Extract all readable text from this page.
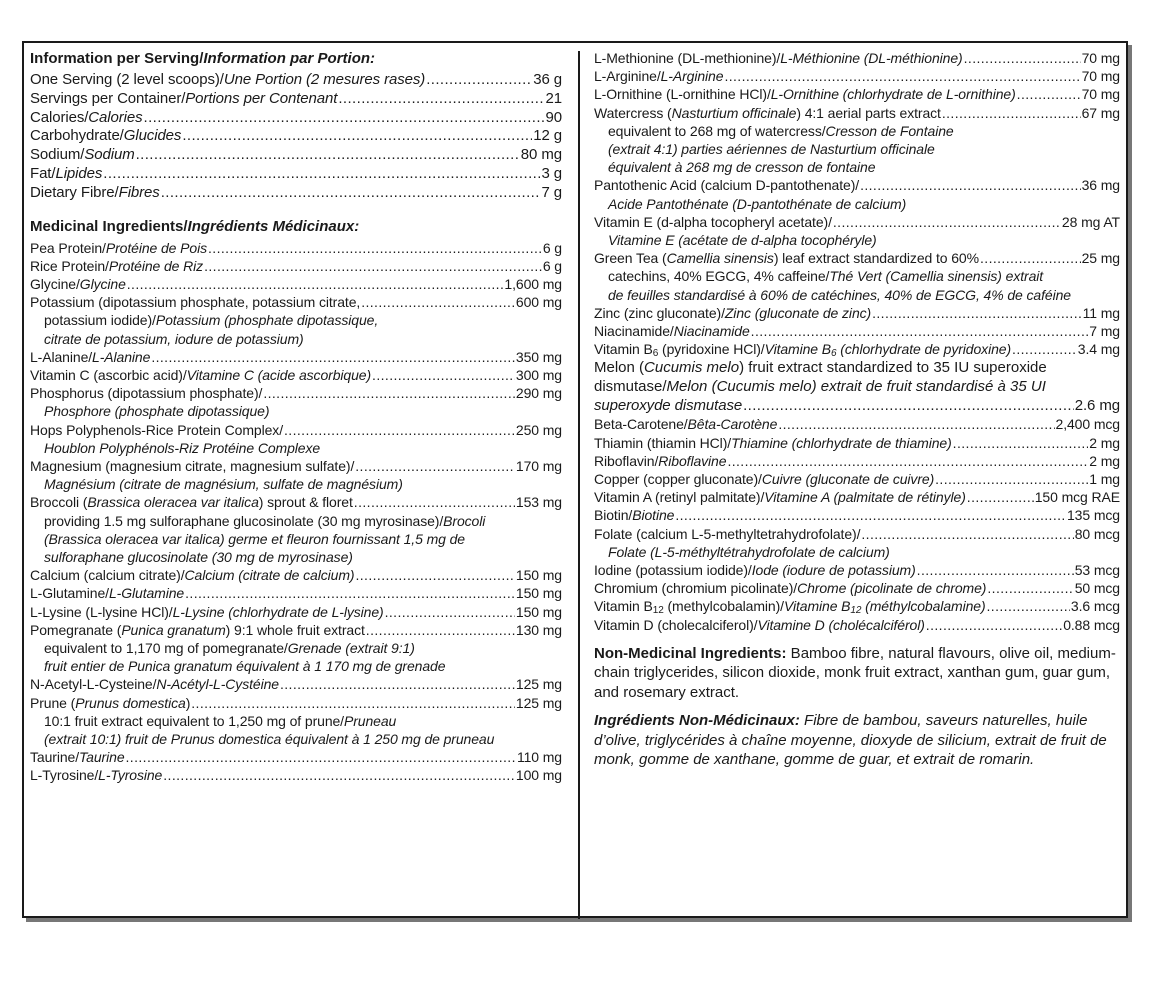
Information per Serving/Information par Portion:
One Serving (2 level scoops)/Une Portion (2 mesures rases) .....	36 g
Servings per Container/Portions per Contenant .....	21
Calories/Calories .....	90
Carbohydrate/Glucides .....	12 g
Sodium/Sodium .....	80 mg
Fat/Lipides .....	3 g
Dietary Fibre/Fibres .....	7 g
Medicinal Ingredients/Ingrédients Médicinaux:
Pea Protein/Protéine de Pois .....	6 g
Rice Protein/Protéine de Riz .....	6 g
Glycine/Glycine .....	1,600 mg
Potassium (dipotassium phosphate, potassium citrate, .....	600 mg
potassium iodide)/Potassium (phosphate dipotassique,
citrate de potassium, iodure de potassium)
L-Alanine/L-Alanine .....	350 mg
Vitamin C (ascorbic acid)/Vitamine C (acide ascorbique) .....	300 mg
Phosphorus (dipotassium phosphate)/ .....	290 mg
Phosphore (phosphate dipotassique)
Hops Polyphenols-Rice Protein Complex/ .....	250 mg
Houblon Polyphénols-Riz Protéine Complexe
Magnesium (magnesium citrate, magnesium sulfate)/ .....	170 mg
Magnésium (citrate de magnésium, sulfate de magnésium)
Broccoli (Brassica oleracea var italica) sprout & floret .....	153 mg
providing 1.5 mg sulforaphane glucosinolate (30 mg myrosinase)/Brocoli
(Brassica oleracea var italica) germe et fleuron fournissant 1,5 mg de
sulforaphane glucosinolate (30 mg de myrosinase)
Calcium (calcium citrate)/Calcium (citrate de calcium) .....	150 mg
L-Glutamine/L-Glutamine .....	150 mg
L-Lysine (L-lysine HCl)/L-Lysine (chlorhydrate de L-lysine) .....	150 mg
Pomegranate (Punica granatum) 9:1 whole fruit extract .....	130 mg
equivalent to 1,170 mg of pomegranate/Grenade (extrait 9:1)
fruit entier de Punica granatum équivalent à 1 170 mg de grenade
N-Acetyl-L-Cysteine/N-Acétyl-L-Cystéine .....	125 mg
Prune (Prunus domestica) .....	125 mg
10:1 fruit extract equivalent to 1,250 mg of prune/Pruneau
(extrait 10:1) fruit de Prunus domestica équivalent à 1 250 mg de pruneau
Taurine/Taurine .....	110 mg
L-Tyrosine/L-Tyrosine .....	100 mg
L-Methionine (DL-methionine)/L-Méthionine (DL-méthionine) .....	70 mg
L-Arginine/L-Arginine .....	70 mg
L-Ornithine (L-ornithine HCl)/L-Ornithine (chlorhydrate de L-ornithine) .....	70 mg
Watercress (Nasturtium officinale) 4:1 aerial parts extract .....	67 mg
equivalent to 268 mg of watercress/Cresson de Fontaine
(extrait 4:1) parties aériennes de Nasturtium officinale
équivalent à 268 mg de cresson de fontaine
Pantothenic Acid (calcium D-pantothenate)/ .....	36 mg
Acide Pantothénate (D-pantothénate de calcium)
Vitamin E (d-alpha tocopheryl acetate)/ .....	28 mg AT
Vitamine E (acétate de d-alpha tocophéryle)
Green Tea (Camellia sinensis) leaf extract standardized to 60% .....	25 mg
catechins, 40% EGCG, 4% caffeine/Thé Vert (Camellia sinensis) extrait
de feuilles standardisé à 60% de catéchines, 40% de EGCG, 4% de caféine
Zinc (zinc gluconate)/Zinc (gluconate de zinc) .....	11 mg
Niacinamide/Niacinamide .....	7 mg
Vitamin $B_6$ (pyridoxine HCl)/Vitamine $B_6$ (chlorhydrate de pyridoxine) .....	3.4 mg
Melon (Cucumis melo) fruit extract standardized to 35 IU superoxide
dismutase/Melon (Cucumis melo) extrait de fruit standardisé à 35 UI
superoxyde dismutase .....	2.6 mg
Beta-Carotene/Bêta-Carotène .....	2,400 mcg
Thiamin (thiamin HCl)/Thiamine (chlorhydrate de thiamine) .....	2 mg
Riboflavin/Riboflavine .....	2 mg
Copper (copper gluconate)/Cuivre (gluconate de cuivre) .....	1 mg
Vitamin A (retinyl palmitate)/Vitamine A (palmitate de rétinyle) .....	150 mcg RAE
Biotin/Biotine .....	135 mcg
Folate (calcium L-5-methyltetrahydrofolate)/ .....	80 mcg
Folate (L-5-méthyltétrahydrofolate de calcium)
Iodine (potassium iodide)/Iode (iodure de potassium) .....	53 mcg
Chromium (chromium picolinate)/Chrome (picolinate de chrome) .....	50 mcg
Vitamin $B_{12}$ (methylcobalamin)/Vitamine $B_{12}$ (méthylcobalamine) .....	3.6 mcg
Vitamin D (cholecalciferol)/Vitamine D (cholécalciférol) .....	0.88 mcg
Non-Medicinal Ingredients: Bamboo fibre, natural flavours, olive oil, medium-chain triglycerides, silicon dioxide, monk fruit extract, xanthan gum, guar gum, and rosemary extract.
Ingrédients Non-Médicinaux: Fibre de bambou, saveurs naturelles, huile d’olive, triglycérides à chaîne moyenne, dioxyde de silicium, extrait de fruit de monk, gomme de xanthane, gomme de guar, et extrait de romarin.
